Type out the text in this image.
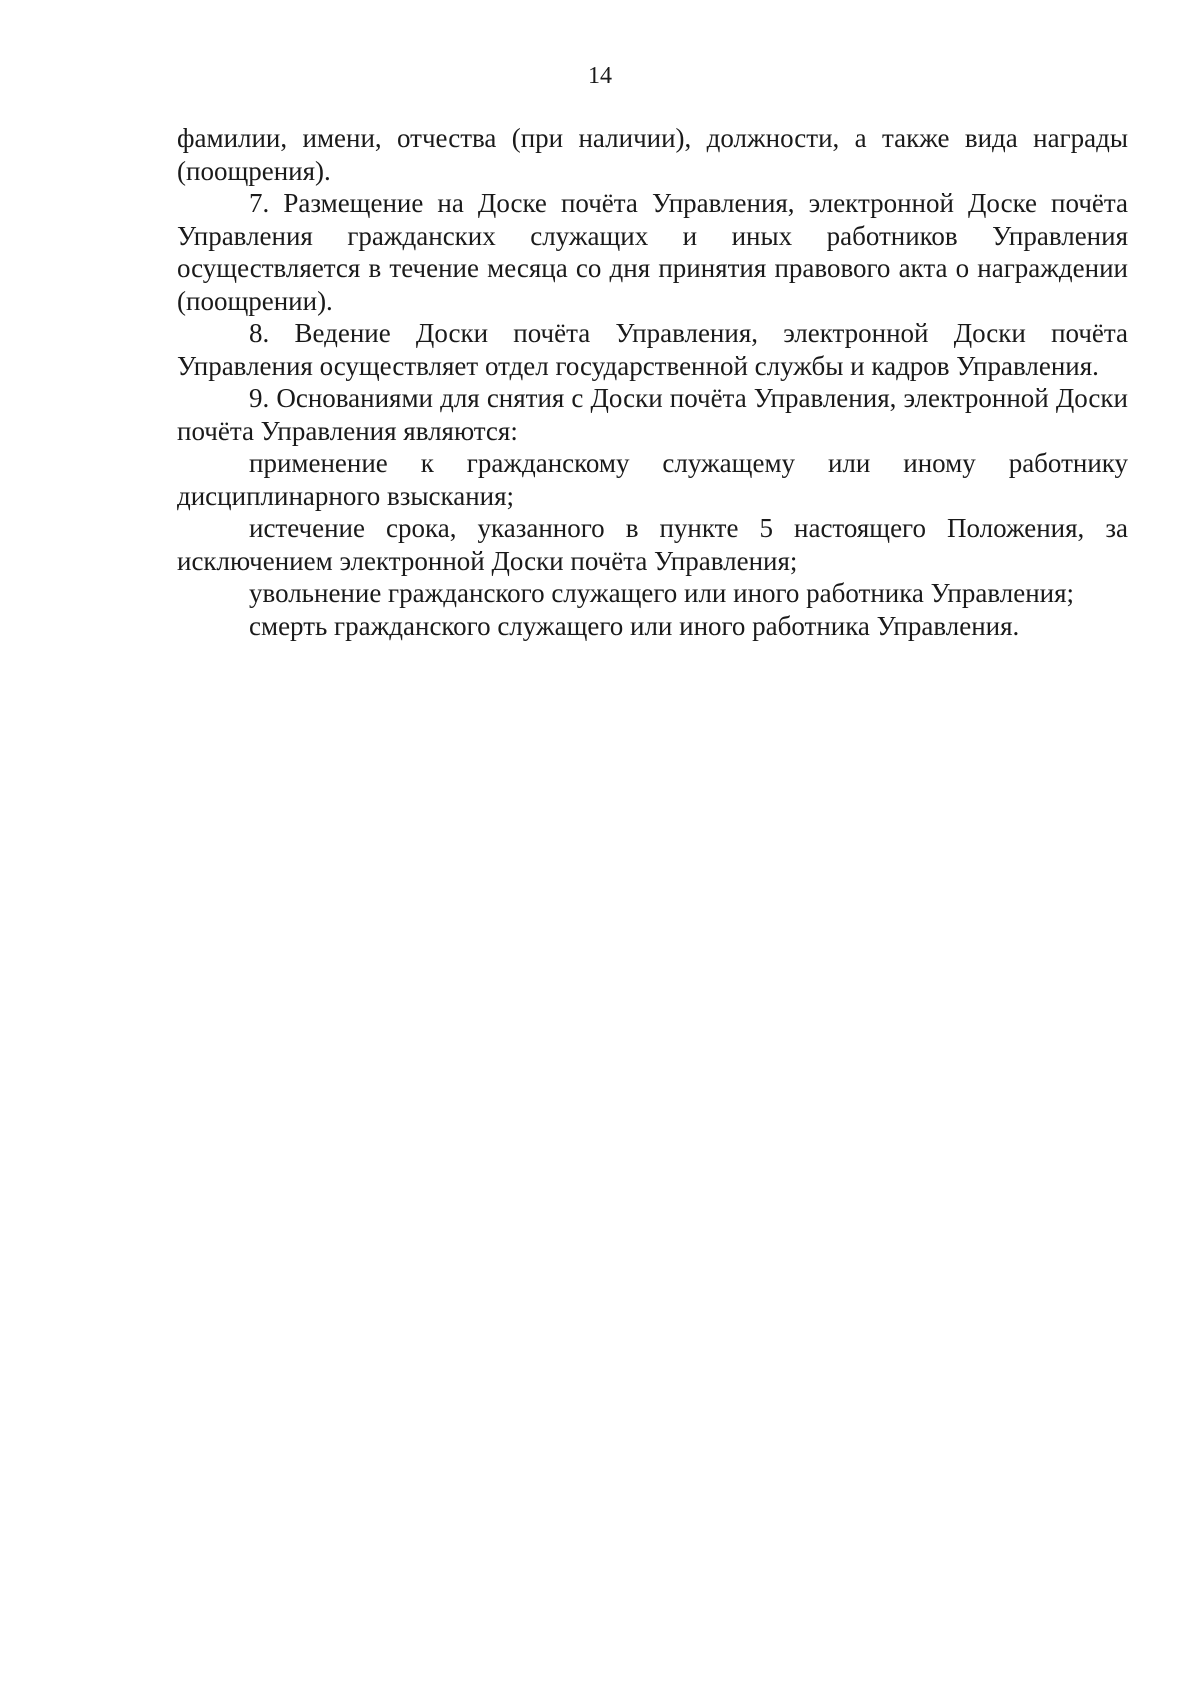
14

фамилии, имени, отчества (при наличии), должности, а также вида награды (поощрения).

7. Размещение на Доске почёта Управления, электронной Доске почёта Управления гражданских служащих и иных работников Управления осуществляется в течение месяца со дня принятия правового акта о награждении (поощрении).

8. Ведение Доски почёта Управления, электронной Доски почёта Управления осуществляет отдел государственной службы и кадров Управления.

9. Основаниями для снятия с Доски почёта Управления, электронной Доски почёта Управления являются:

применение к гражданскому служащему или иному работнику дисциплинарного взыскания;

истечение срока, указанного в пункте 5 настоящего Положения, за исключением электронной Доски почёта Управления;

увольнение гражданского служащего или иного работника Управления;

смерть гражданского служащего или иного работника Управления.
